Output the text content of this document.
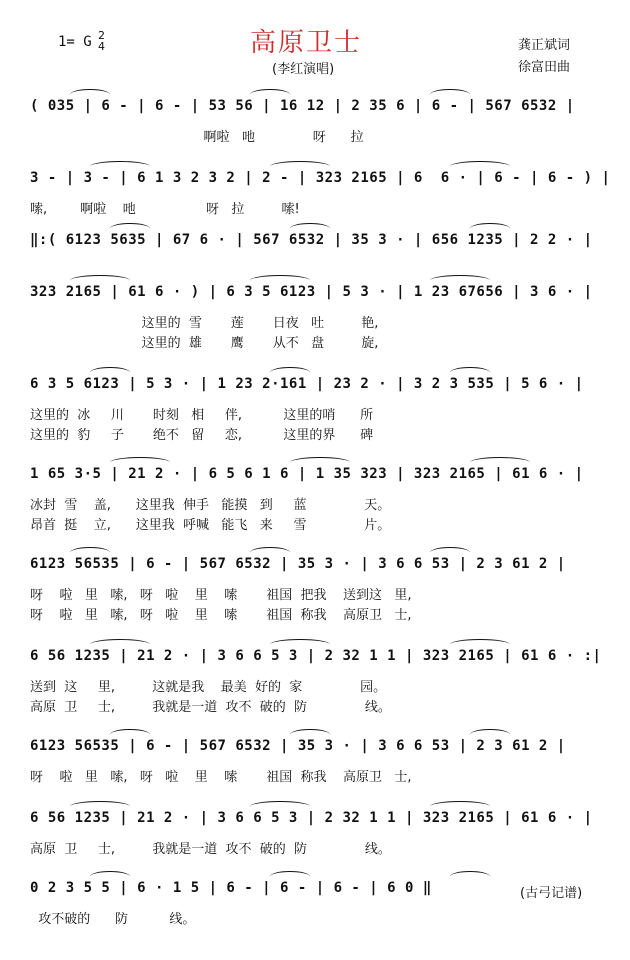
1= G 2
4	高原卫士
(李红演唱)
龚正斌词
徐富田曲
( 035 | 6 - | 6 - | 53 56 | 16 12 | 2 35 6 | 6 - | 567 6532 |
啊啦   吔              呀      拉
3 - | 3 - | 6 1 3 2 3 2 | 2 - | 323 2165 | 6  6 · | 6 - | 6 - ) |
嗦,        啊啦    吔                 呀   拉         嗦!
‖:( 6123 5635 | 67 6 · | 567 6532 | 35 3 · | 656 1235 | 2 2 · |
323 2165 | 61 6 · ) | 6 3 5 6123 | 5 3 · | 1 23 67656 | 3 6 · |
这里的  雪       莲       日夜   吐         艳,
这里的  雄       鹰       从不   盘         旋,
6 3 5 6123 | 5 3 · | 1 23 2·161 | 23 2 · | 3 2 3 535 | 5 6 · |
这里的  冰     川       时刻   相     伴,          这里的哨      所
这里的  豹     子       绝不   留     恋,          这里的界      碑
1 65 3·5 | 21 2 · | 6 5 6 1 6 | 1 35 323 | 323 2165 | 61 6 · |
冰封  雪    盖,      这里我  伸手   能摸   到     蓝              天。
昂首  挺    立,      这里我  呼喊   能飞   来     雪              片。
6123 56535 | 6 - | 567 6532 | 35 3 · | 3 6 6 53 | 2 3 61 2 |
呀    啦   里   嗦,   呀   啦    里    嗦       祖国  把我    送到这   里,
呀    啦   里   嗦,   呀   啦    里    嗦       祖国  称我    高原卫   士,
6 56 1235 | 21 2 · | 3 6 6 5 3 | 2 32 1 1 | 323 2165 | 61 6 · :|
送到  这     里,         这就是我    最美  好的  家              园。
高原  卫     士,         我就是一道  攻不  破的  防              线。
6123 56535 | 6 - | 567 6532 | 35 3 · | 3 6 6 53 | 2 3 61 2 |
呀    啦   里   嗦,   呀   啦    里    嗦       祖国  称我    高原卫   士,
6 56 1235 | 21 2 · | 3 6 6 5 3 | 2 32 1 1 | 323 2165 | 61 6 · |
高原  卫     士,         我就是一道  攻不  破的  防              线。
0 2 3 5 5 | 6 · 1 5 | 6 - | 6 - | 6 - | 6 0 ‖
攻不破的      防          线。
(古弓记谱)
